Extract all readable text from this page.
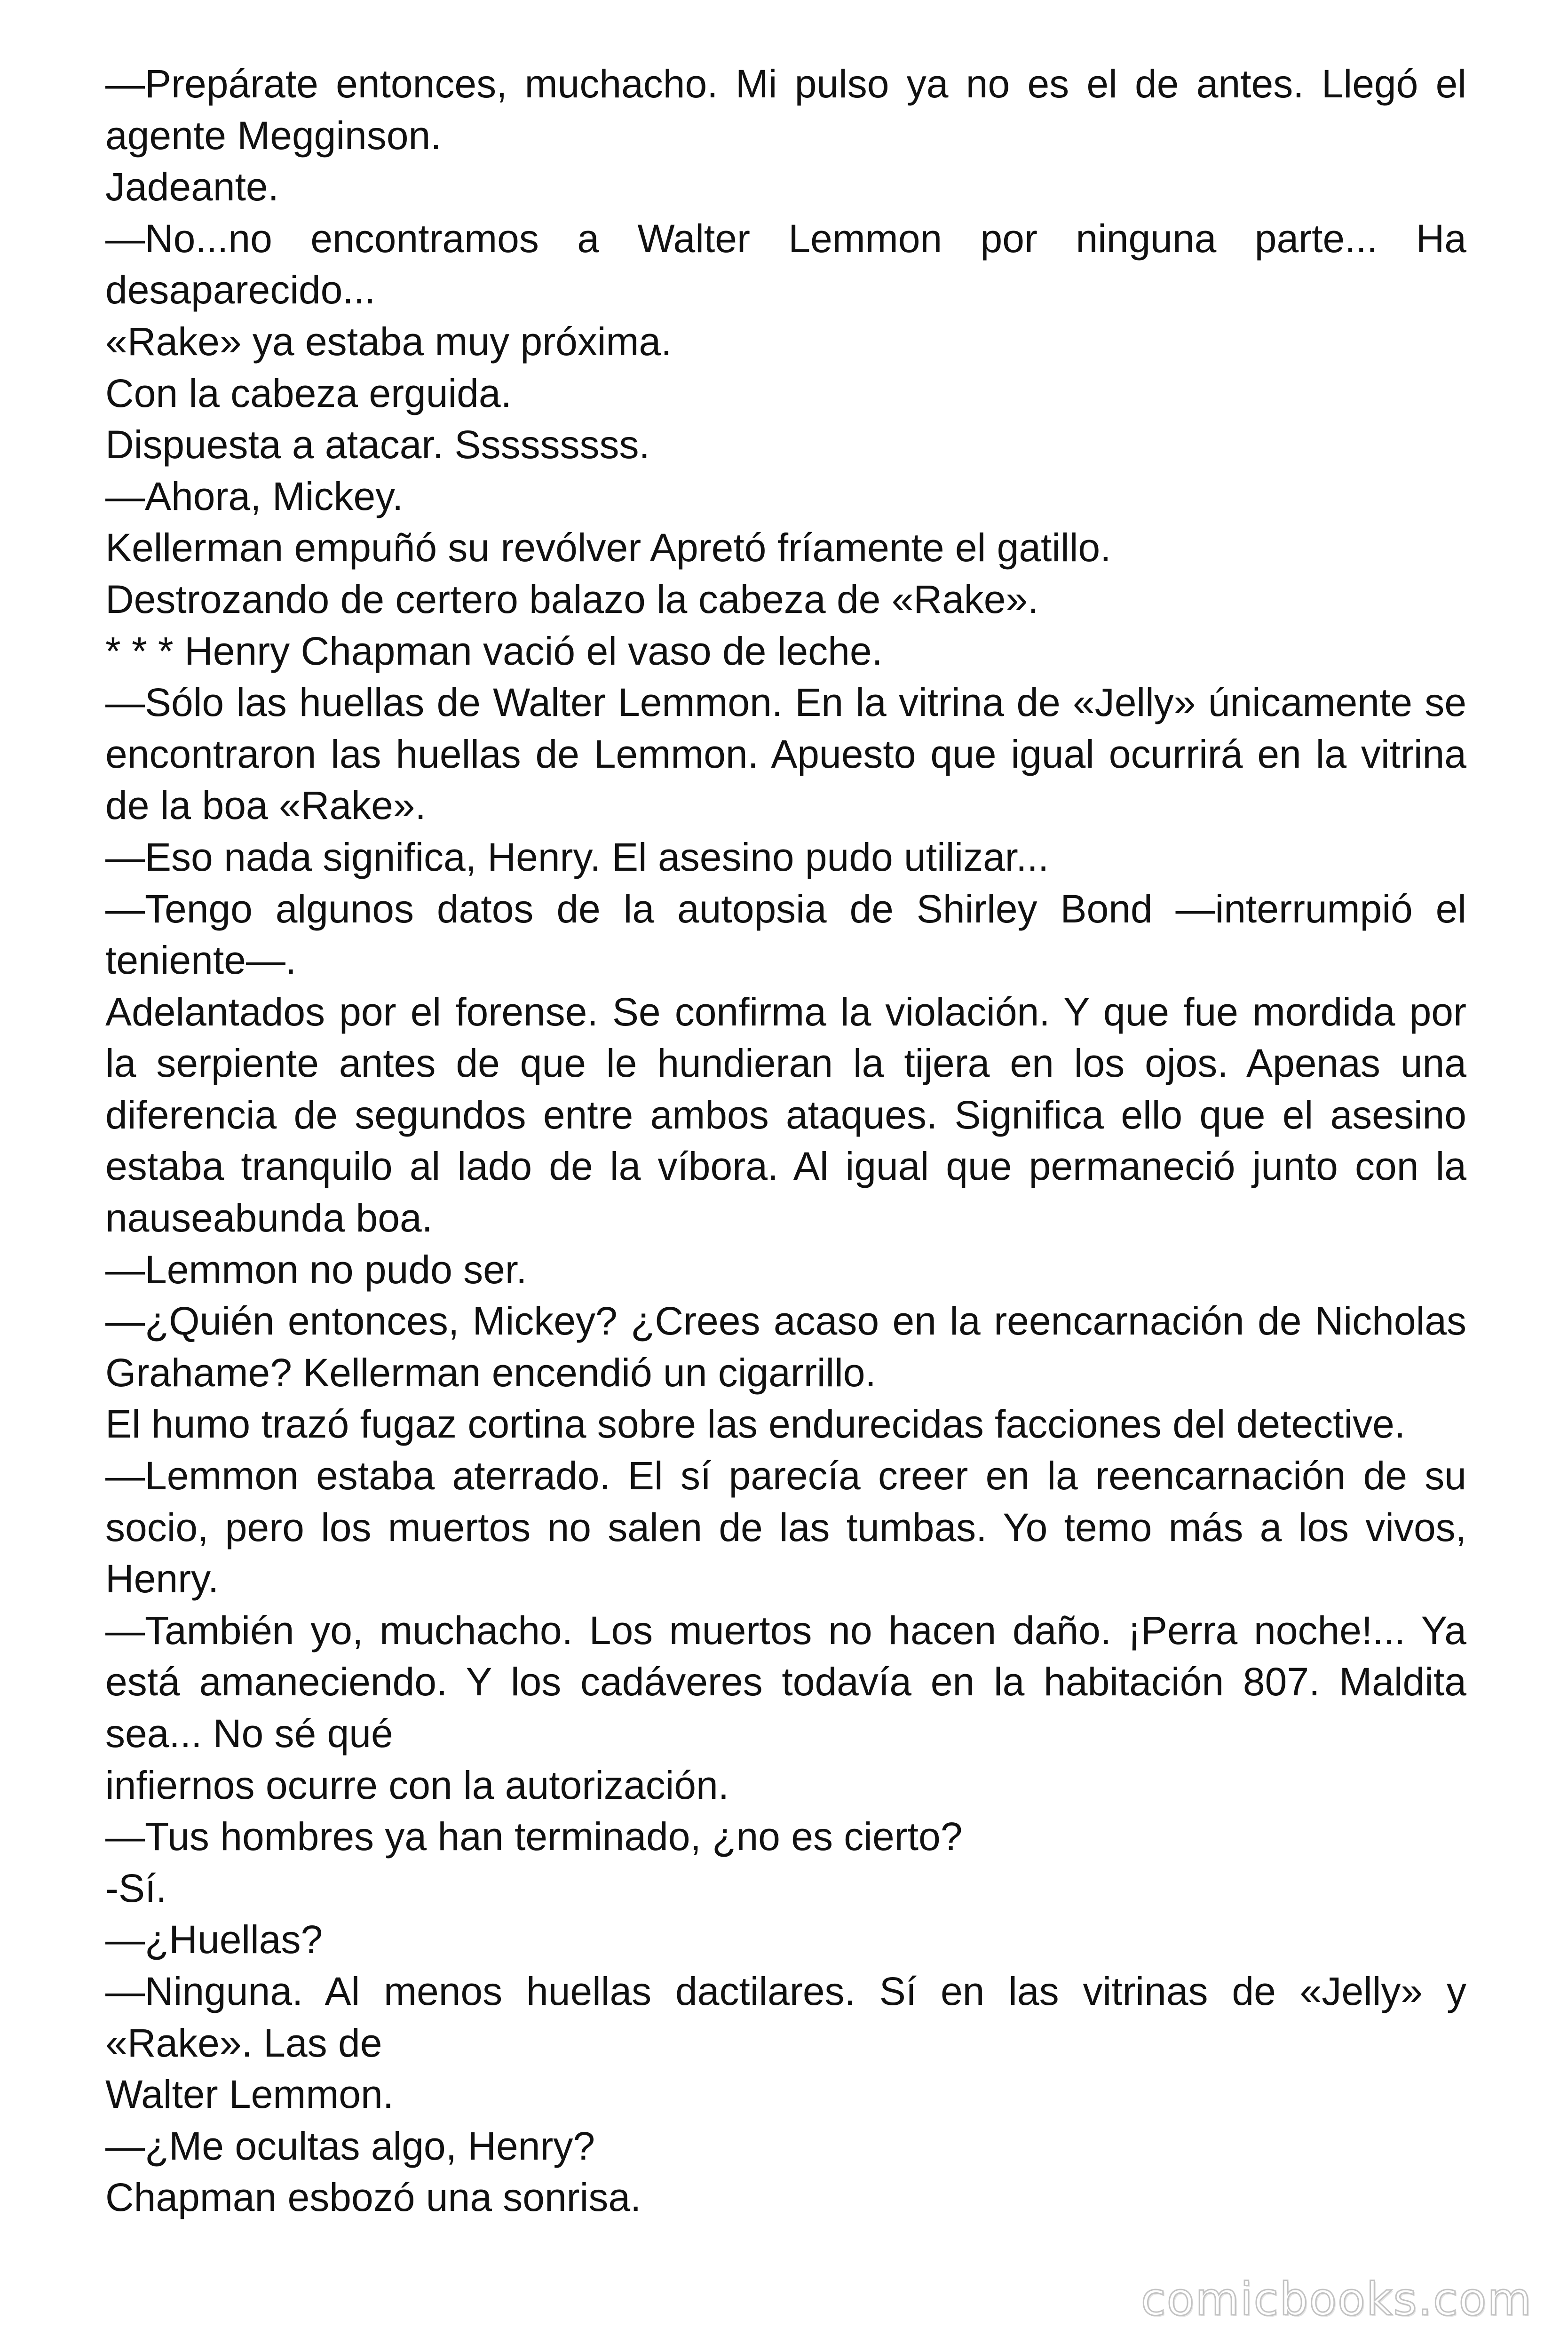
—Prepárate entonces, muchacho. Mi pulso ya no es el de antes. Llegó el agente Megginson.

Jadeante.

—No...no encontramos a Walter Lemmon por ninguna parte... Ha desaparecido...

«Rake» ya estaba muy próxima.

Con la cabeza erguida.

Dispuesta a atacar. Sssssssss.

—Ahora, Mickey.

Kellerman empuñó su revólver Apretó fríamente el gatillo.

Destrozando de certero balazo la cabeza de «Rake».

* * * Henry Chapman vació el vaso de leche.

—Sólo las huellas de Walter Lemmon. En la vitrina de «Jelly» únicamente se encontraron las huellas de Lemmon. Apuesto que igual ocurrirá en la vitrina de la boa «Rake».

—Eso nada significa, Henry. El asesino pudo utilizar...

—Tengo algunos datos de la autopsia de Shirley Bond —interrumpió el teniente—.

Adelantados por el forense. Se confirma la violación. Y que fue mordida por la serpiente antes de que le hundieran la tijera en los ojos. Apenas una diferencia de segundos entre ambos ataques. Significa ello que el asesino estaba tranquilo al lado de la víbora. Al igual que permaneció junto con la nauseabunda boa.

—Lemmon no pudo ser.

—¿Quién entonces, Mickey? ¿Crees acaso en la reencarnación de Nicholas Grahame? Kellerman encendió un cigarrillo.

El humo trazó fugaz cortina sobre las endurecidas facciones del detective.

—Lemmon estaba aterrado. El sí parecía creer en la reencarnación de su socio, pero los muertos no salen de las tumbas. Yo temo más a los vivos, Henry.

—También yo, muchacho. Los muertos no hacen daño. ¡Perra noche!... Ya está amaneciendo. Y los cadáveres todavía en la habitación 807. Maldita sea... No sé qué

infiernos ocurre con la autorización.

—Tus hombres ya han terminado, ¿no es cierto?

-Sí.

—¿Huellas?

—Ninguna. Al menos huellas dactilares. Sí en las vitrinas de «Jelly» y «Rake». Las de

Walter Lemmon.

—¿Me ocultas algo, Henry?

Chapman esbozó una sonrisa.

comicbooks.com
